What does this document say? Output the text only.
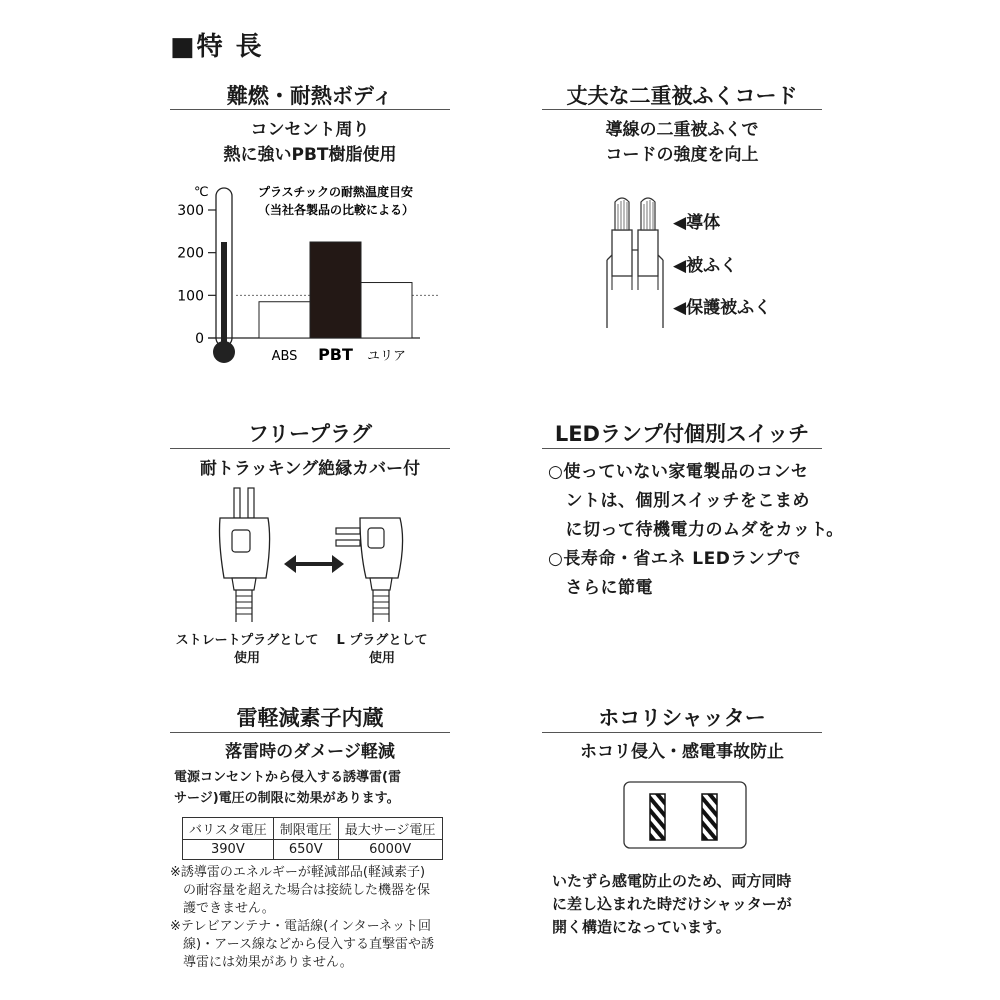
■特 長
難燃・耐熱ボディ
コンセント周り
熱に強いPBT樹脂使用
℃
0
100
200
300
ABS PBT ユリア
プラスチックの耐熱温度目安 （当社各製品の比較による）
丈夫な二重被ふくコード
導線の二重被ふくで
コードの強度を向上
◀導体
◀被ふく
◀保護被ふく
フリープラグ
耐トラッキング絶縁カバー付
ストレートプラグとして
使用
L プラグとして
使用
LEDランプ付個別スイッチ
○使っていない家電製品のコンセ
　ントは、個別スイッチをこまめ
　に切って待機電力のムダをカット。
○長寿命・省エネ LEDランプで
　さらに節電
雷軽減素子内蔵
落雷時のダメージ軽減
電源コンセントから侵入する誘導雷(雷
サージ)電圧の制限に効果があります。
バリスタ電圧	制限電圧	最大サージ電圧
390V	650V	6000V
※誘導雷のエネルギーが軽減部品(軽減素子)
　の耐容量を超えた場合は接続した機器を保
　護できません。
※テレビアンテナ・電話線(インターネット回
　線)・アース線などから侵入する直撃雷や誘
　導雷には効果がありません。
ホコリシャッター
ホコリ侵入・感電事故防止
いたずら感電防止のため、両方同時
に差し込まれた時だけシャッターが
開く構造になっています。
